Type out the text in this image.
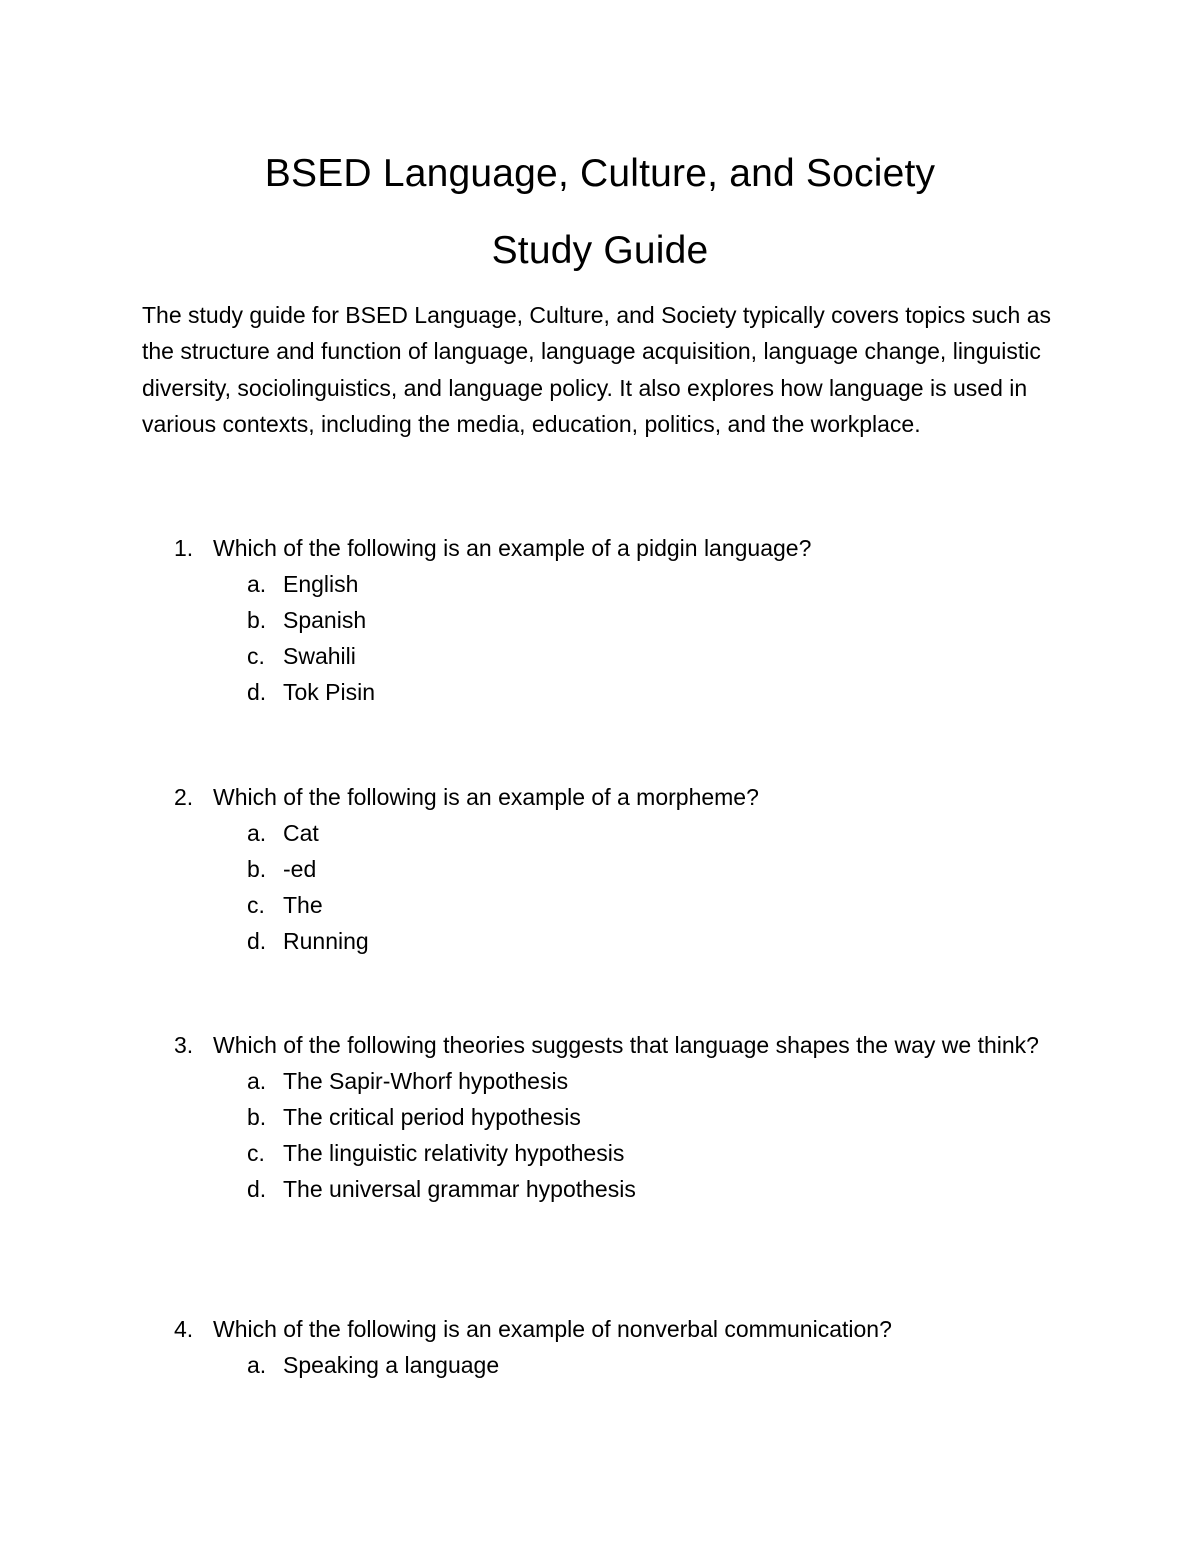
BSED Language, Culture, and Society
Study Guide
The study guide for BSED Language, Culture, and Society typically covers topics such as the structure and function of language, language acquisition, language change, linguistic diversity, sociolinguistics, and language policy. It also explores how language is used in various contexts, including the media, education, politics, and the workplace.
1. Which of the following is an example of a pidgin language?
a. English
b. Spanish
c. Swahili
d. Tok Pisin
2. Which of the following is an example of a morpheme?
a. Cat
b. -ed
c. The
d. Running
3. Which of the following theories suggests that language shapes the way we think?
a. The Sapir-Whorf hypothesis
b. The critical period hypothesis
c. The linguistic relativity hypothesis
d. The universal grammar hypothesis
4. Which of the following is an example of nonverbal communication?
a. Speaking a language
